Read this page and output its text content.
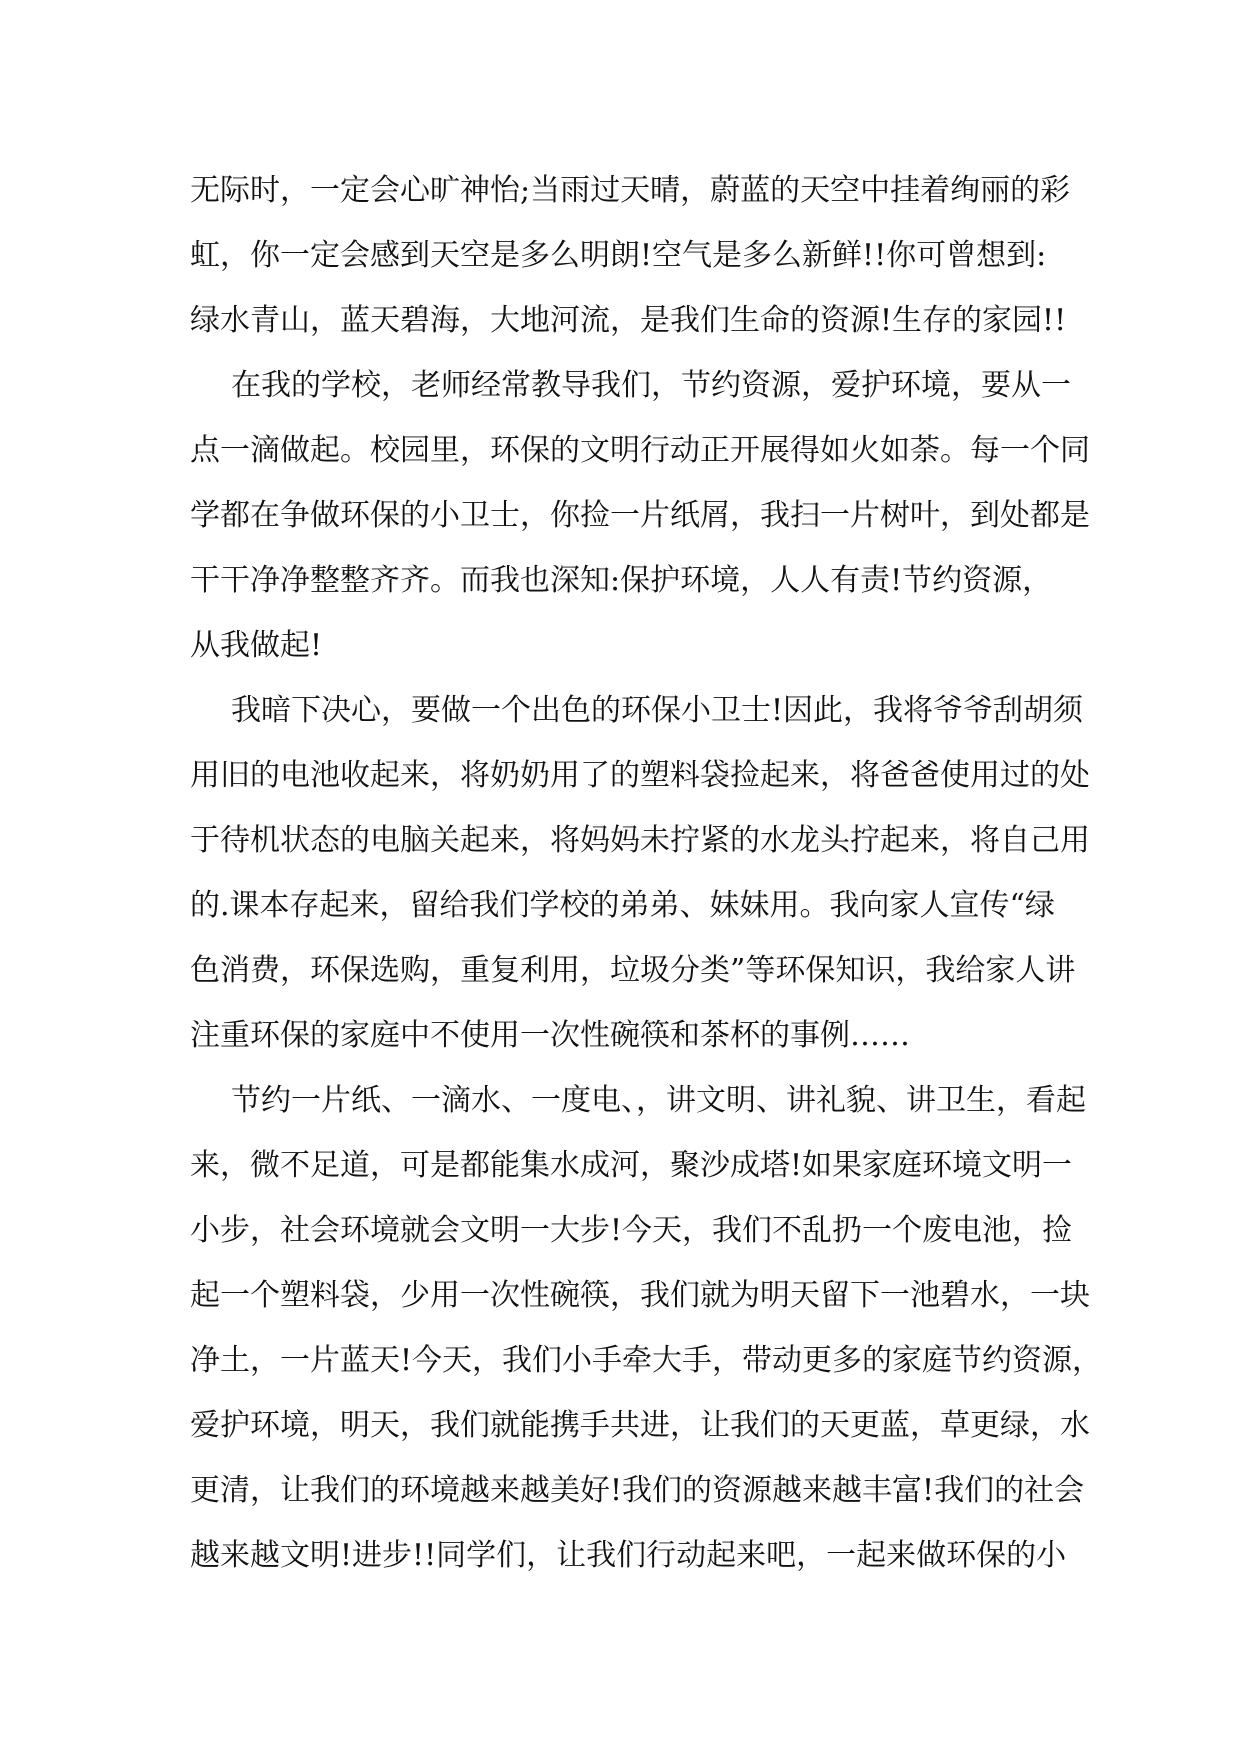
无际时，一定会心旷神怡;当雨过天晴，蔚蓝的天空中挂着绚丽的彩
虹，你一定会感到天空是多么明朗!空气是多么新鲜!!你可曾想到:
绿水青山，蓝天碧海，大地河流，是我们生命的资源!生存的家园!!
在我的学校，老师经常教导我们，节约资源，爱护环境，要从一
点一滴做起。校园里，环保的文明行动正开展得如火如荼。每一个同
学都在争做环保的小卫士，你捡一片纸屑，我扫一片树叶，到处都是
干干净净整整齐齐。而我也深知:保护环境，人人有责!节约资源，
从我做起!
我暗下决心，要做一个出色的环保小卫士!因此，我将爷爷刮胡须
用旧的电池收起来，将奶奶用了的塑料袋捡起来，将爸爸使用过的处
于待机状态的电脑关起来，将妈妈未拧紧的水龙头拧起来，将自己用
的.课本存起来，留给我们学校的弟弟、妹妹用。我向家人宣传“绿
色消费，环保选购，重复利用，垃圾分类”等环保知识，我给家人讲
注重环保的家庭中不使用一次性碗筷和茶杯的事例……
节约一片纸、一滴水、一度电、，讲文明、讲礼貌、讲卫生，看起
来，微不足道，可是都能集水成河，聚沙成塔!如果家庭环境文明一
小步，社会环境就会文明一大步!今天，我们不乱扔一个废电池，捡
起一个塑料袋，少用一次性碗筷，我们就为明天留下一池碧水，一块
净土，一片蓝天!今天，我们小手牵大手，带动更多的家庭节约资源，
爱护环境，明天，我们就能携手共进，让我们的天更蓝，草更绿，水
更清，让我们的环境越来越美好!我们的资源越来越丰富!我们的社会
越来越文明!进步!!同学们，让我们行动起来吧，一起来做环保的小
